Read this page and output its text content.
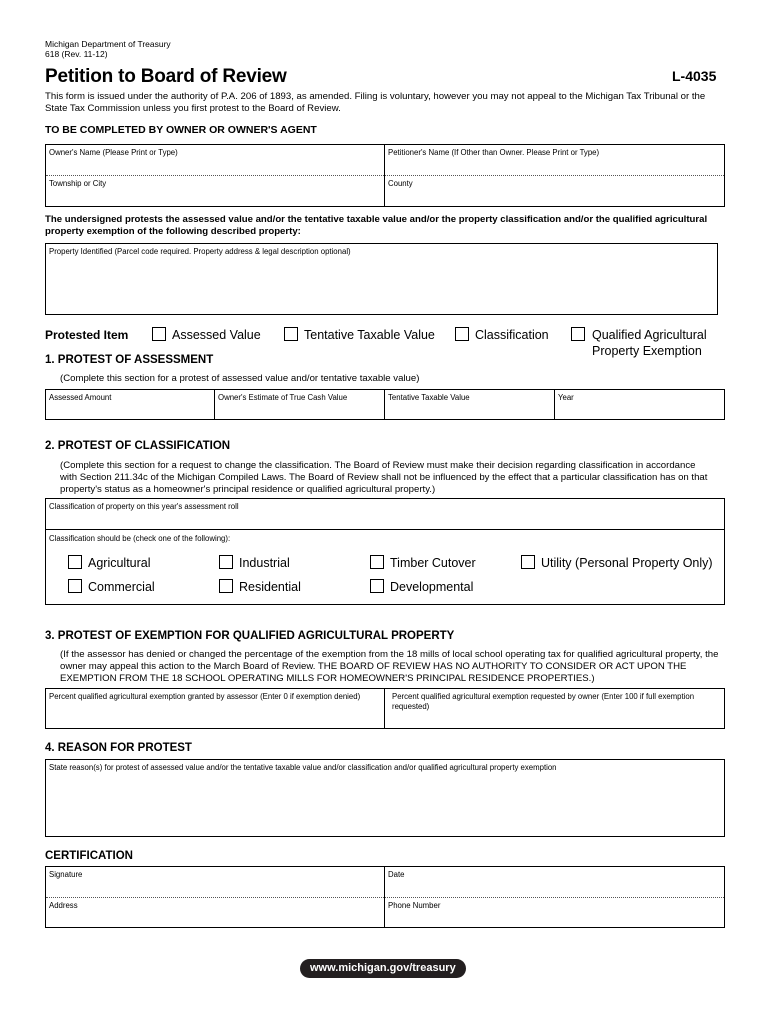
Michigan Department of Treasury
618 (Rev. 11-12)
Petition to Board of Review	L-4035
This form is issued under the authority of P.A. 206 of 1893, as amended. Filing is voluntary, however you may not appeal to the Michigan Tax Tribunal or the State Tax Commission unless you first protest to the Board of Review.
TO BE COMPLETED BY OWNER OR OWNER'S AGENT
Owner's Name (Please Print or Type)	Petitioner's Name (If Other than Owner. Please Print or Type)
Township or City	County
The undersigned protests the assessed value and/or the tentative taxable value and/or the property classification and/or the qualified agricultural property exemption of the following described property:
Property Identified (Parcel code required. Property address & legal description optional)
Protested Item	Assessed Value	Tentative Taxable Value	Classification	Qualified Agricultural
Property Exemption
1. PROTEST OF ASSESSMENT
(Complete this section for a protest of assessed value and/or tentative taxable value)
Assessed Amount	Owner's Estimate of True Cash Value	Tentative Taxable Value	Year
2. PROTEST OF CLASSIFICATION
(Complete this section for a request to change the classification. The Board of Review must make their decision regarding classification in accordance with Section 211.34c of the Michigan Compiled Laws. The Board of Review shall not be influenced by the effect that a particular classification has on that property's status as a homeowner's principal residence or qualified agricultural property.)
Classification of property on this year's assessment roll
Classification should be (check one of the following):
Agricultural	Industrial	Timber Cutover	Utility (Personal Property Only)
Commercial	Residential	Developmental
3. PROTEST OF EXEMPTION FOR QUALIFIED AGRICULTURAL PROPERTY
(If the assessor has denied or changed the percentage of the exemption from the 18 mills of local school operating tax for qualified agricultural property, the owner may appeal this action to the March Board of Review. THE BOARD OF REVIEW HAS NO AUTHORITY TO CONSIDER OR ACT UPON THE EXEMPTION FROM THE 18 SCHOOL OPERATING MILLS FOR HOMEOWNER'S PRINCIPAL RESIDENCE PROPERTIES.)
Percent qualified agricultural exemption granted by assessor (Enter 0 if exemption denied)	Percent qualified agricultural exemption requested by owner (Enter 100 if full exemption requested)
4. REASON FOR PROTEST
State reason(s) for protest of assessed value and/or the tentative taxable value and/or classification and/or qualified agricultural property exemption
CERTIFICATION
Signature	Date
Address	Phone Number
www.michigan.gov/treasury
